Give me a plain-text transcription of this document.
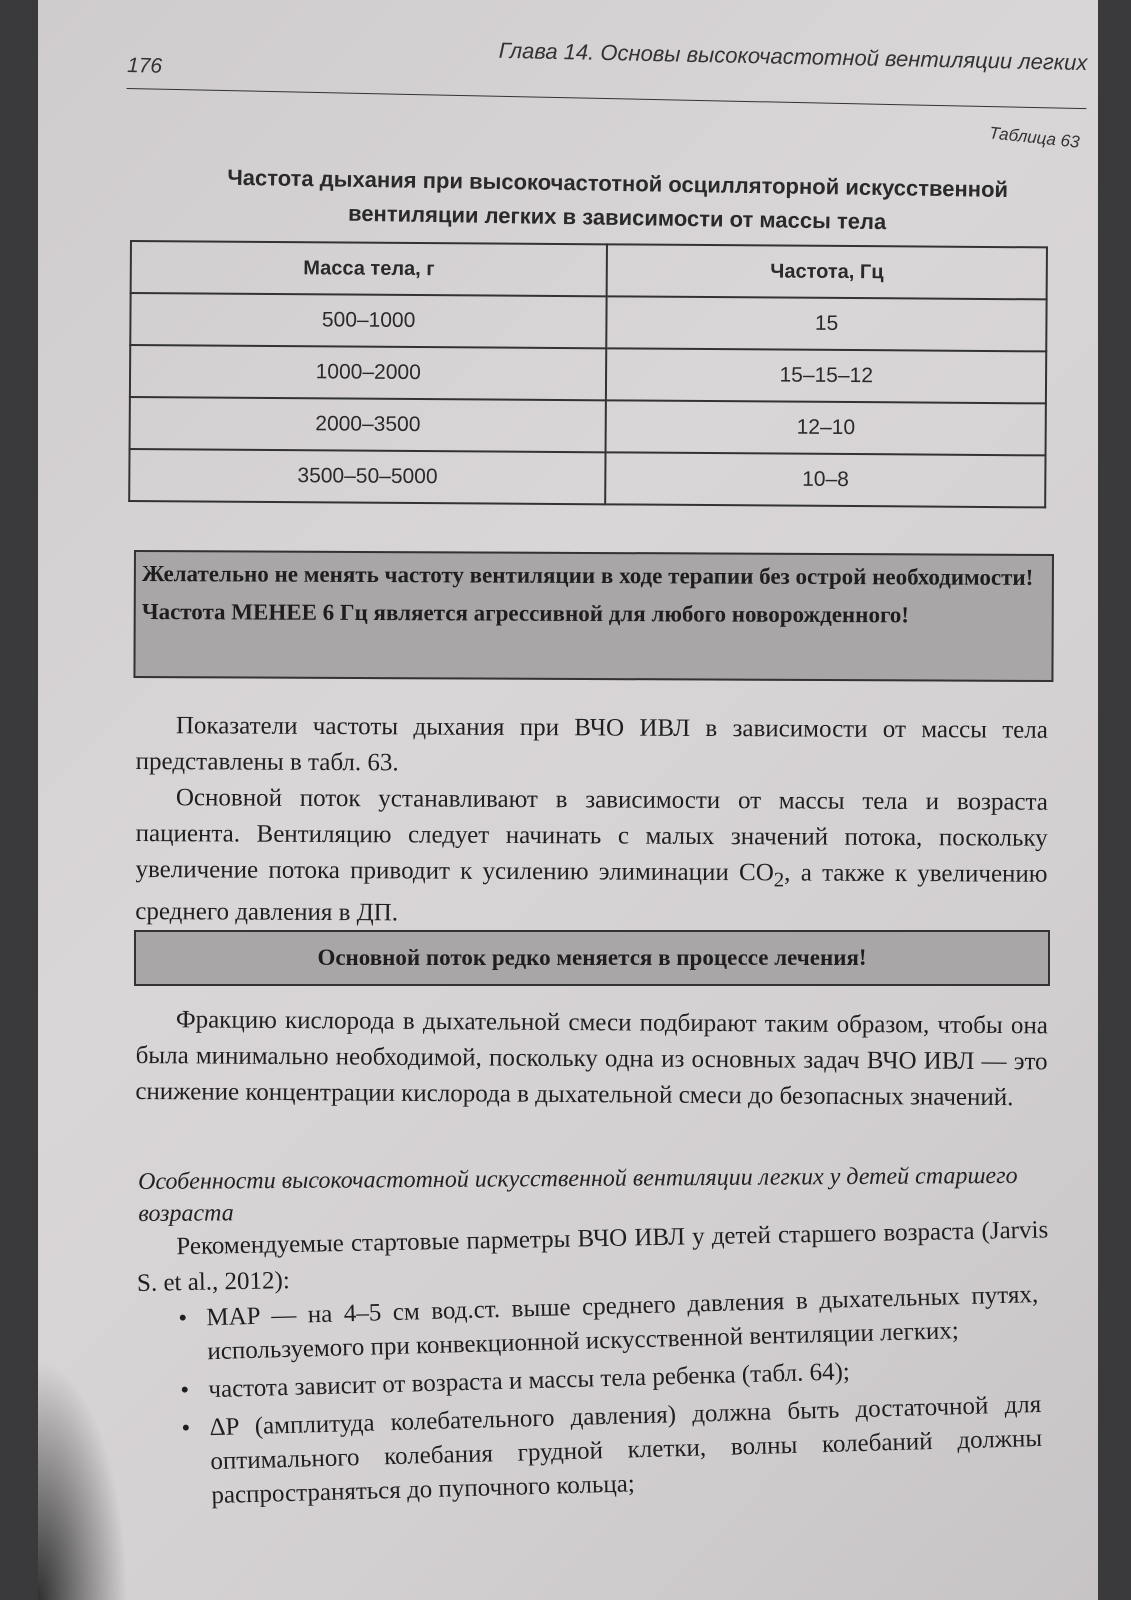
176	Глава 14. Основы высокочастотной вентиляции легких
Таблица 63
Частота дыхания при высокочастотной осцилляторной искусственной вентиляции легких в зависимости от массы тела
Масса тела, г	Частота, Гц
500–1000	15
1000–2000	15–15–12
2000–3500	12–10
3500–50–5000	10–8

Желательно не менять частоту вентиляции в ходе терапии без острой необходимости!

Частота МЕНЕЕ 6 Гц является агрессивной для любого новорожденного!

Показатели частоты дыхания при ВЧО ИВЛ в зависимости от массы тела представлены в табл. 63.

Основной поток устанавливают в зависимости от массы тела и возраста пациента. Вентиляцию следует начинать с малых значений потока, поскольку увеличение потока приводит к усилению элиминации $CO_2$, а также к увеличению среднего давления в ДП.

Основной поток редко меняется в процессе лечения!

Фракцию кислорода в дыхательной смеси подбирают таким образом, чтобы она была минимально необходимой, поскольку одна из основных задач ВЧО ИВЛ — это снижение концентрации кислорода в дыхательной смеси до безопасных значений.

Особенности высокочастотной искусственной вентиляции легких у детей старшего возраста

Рекомендуемые стартовые парметры ВЧО ИВЛ у детей старшего возраста (Jarvis S. et al., 2012):

• MAP — на 4–5 см вод.ст. выше среднего давления в дыхательных путях, используемого при конвекционной искусственной вентиляции легких;
• частота зависит от возраста и массы тела ребенка (табл. 64);
• ΔP (амплитуда колебательного давления) должна быть достаточной для оптимального колебания грудной клетки, волны колебаний должны распространяться до пупочного кольца;
